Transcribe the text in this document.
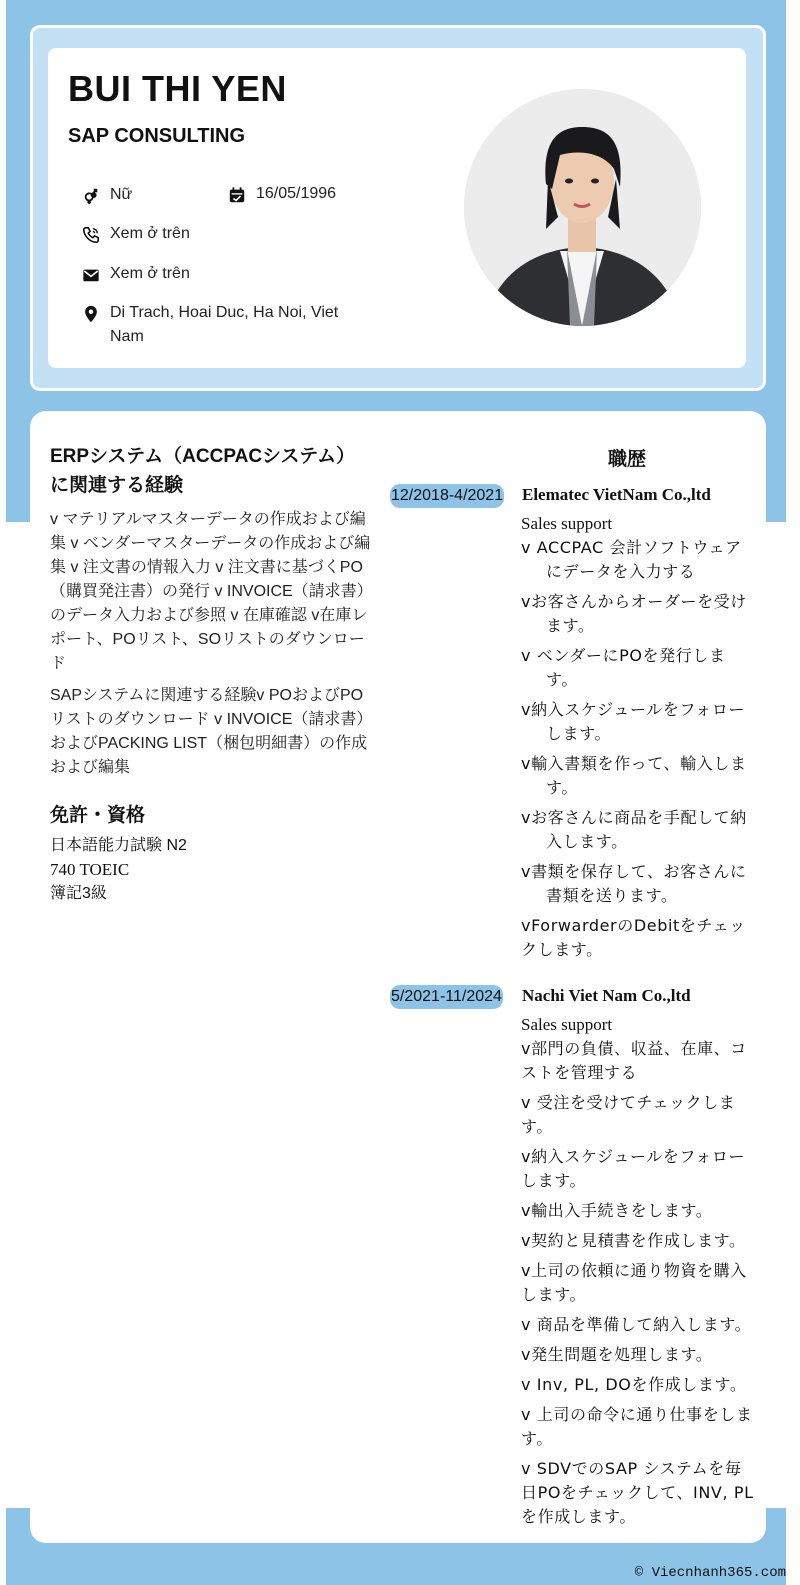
BUI THI YEN
SAP CONSULTING
Nữ	16/05/1996
Xem ở trên
Xem ở trên
Di Trach, Hoai Duc, Ha Noi, Viet Nam
ERPシステム（ACCPACシステム）に関連する経験
v マテリアルマスターデータの作成および編集 v ベンダーマスターデータの作成および編集 v 注文書の情報入力 v 注文書に基づくPO（購買発注書）の発行 v INVOICE（請求書）のデータ入力および参照 v 在庫確認 v在庫レポート、POリスト、SOリストのダウンロード
SAPシステムに関連する経験v POおよびPOリストのダウンロード v INVOICE（請求書）およびPACKING LIST（梱包明細書）の作成および編集
免許・資格
日本語能力試験 N2
740 TOEIC
簿記3級
職歴
12/2018-4/2021 Elematec VietNam Co.,ltd
Sales support
v ACCPAC 会計ソフトウェアにデータを入力する
vお客さんからオーダーを受けます。
v ベンダーにPOを発行します。
v納入スケジュールをフォローします。
v輸入書類を作って、輸入します。
vお客さんに商品を手配して納入します。
v書類を保存して、お客さんに書類を送ります。
vForwarderのDebitをチェックします。
5/2021-11/2024 Nachi Viet Nam Co.,ltd
Sales support
v部門の負債、収益、在庫、コストを管理する
v 受注を受けてチェックします。
v納入スケジュールをフォローします。
v輸出入手続きをします。
v契約と見積書を作成します。
v上司の依頼に通り物資を購入します。
v 商品を準備して納入します。
v発生問題を処理します。
v Inv, PL, DOを作成します。
v 上司の命令に通り仕事をします。
v SDVでのSAP システムを毎日POをチェックして、INV, PLを作成します。
© Viecnhanh365.com
